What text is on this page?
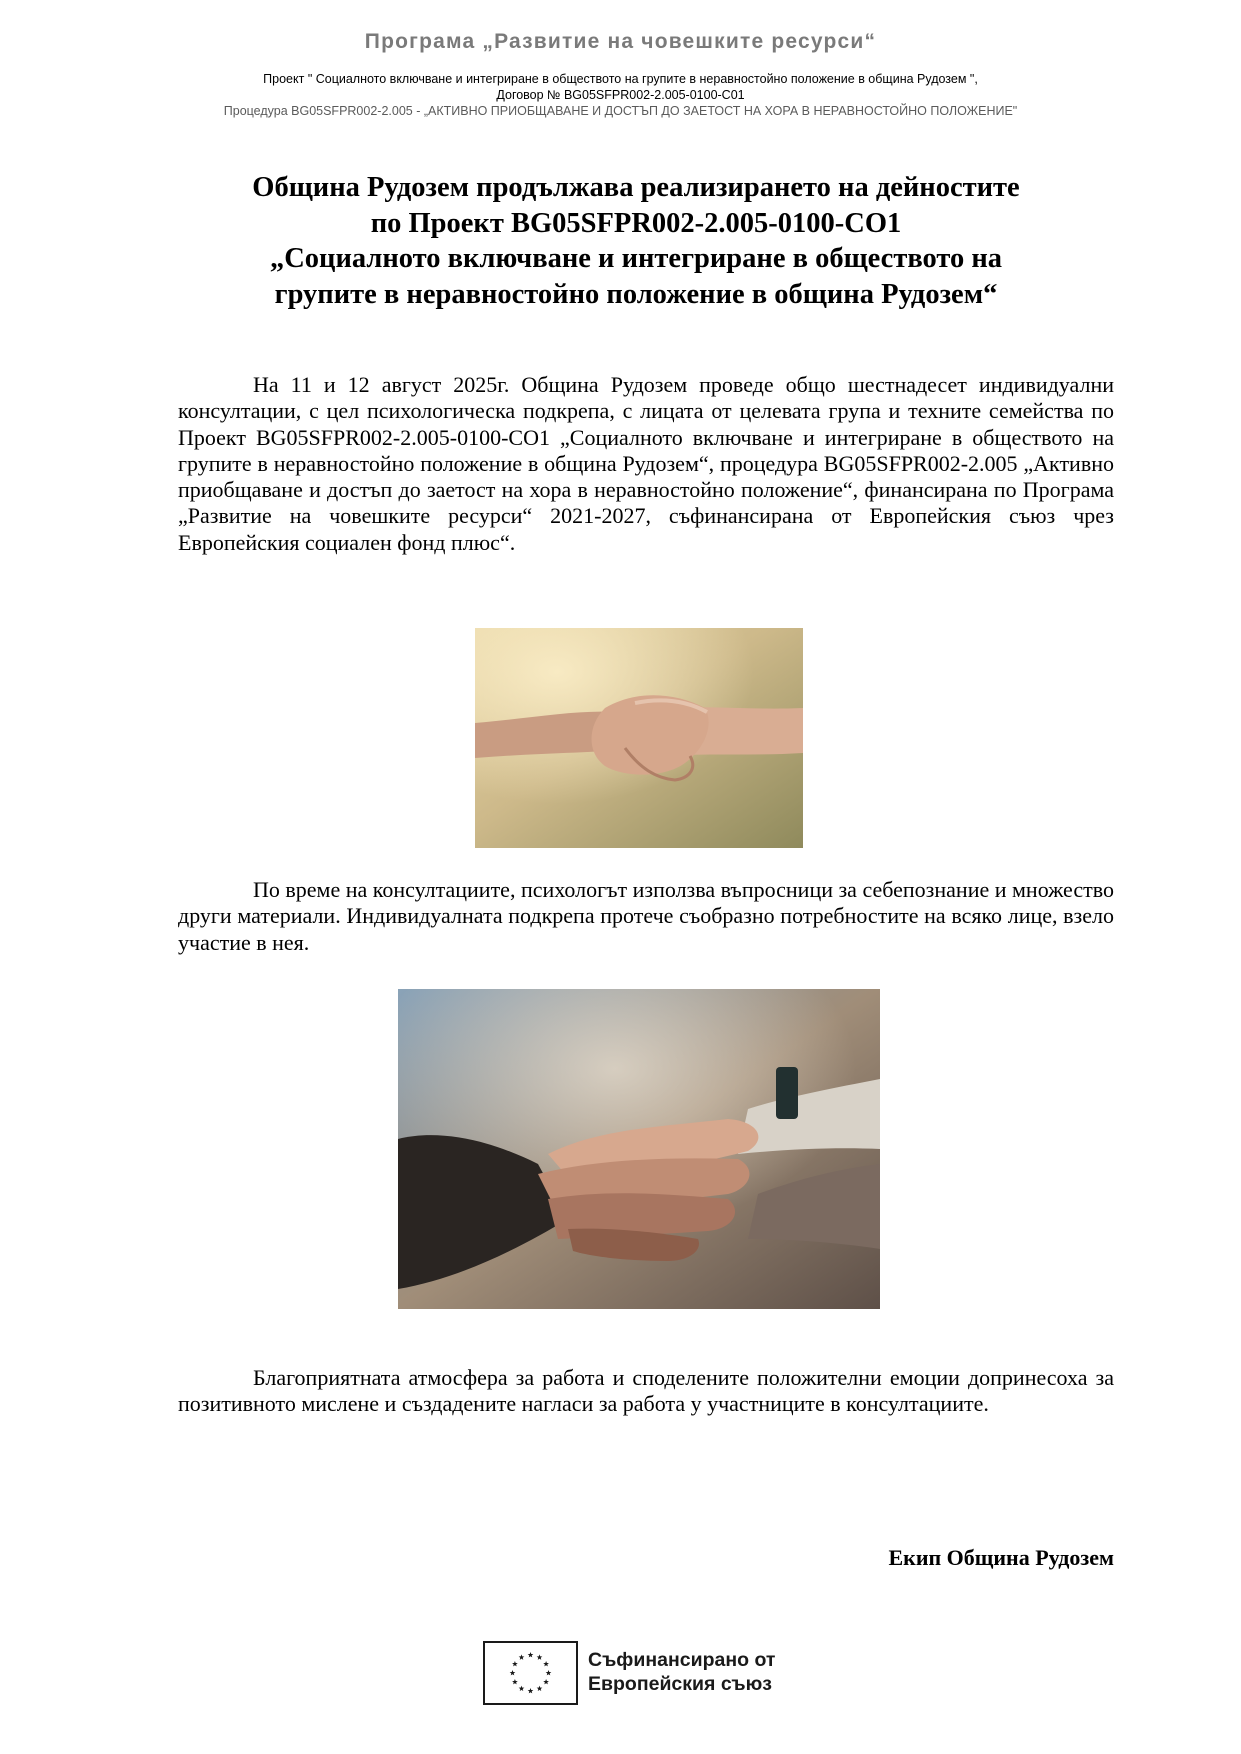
Програма „Развитие на човешките ресурси“
Проект " Социалното включване и интегриране в обществото на групите в неравностойно положение в община Рудозем ",
Договор № BG05SFPR002-2.005-0100-C01
Процедура BG05SFPR002-2.005 - „АКТИВНО ПРИОБЩАВАНЕ И ДОСТЪП ДО ЗАЕТОСТ НА ХОРА В НЕРАВНОСТОЙНО ПОЛОЖЕНИЕ"
Община Рудозем продължава реализирането на дейностите
по Проект BG05SFPR002-2.005-0100-CO1
„Социалното включване и интегриране в обществото на
групите в неравностойно положение в община Рудозем“

На 11 и 12 август 2025г. Община Рудозем проведе общо шестнадесет индивидуални консултации, с цел психологическа подкрепа, с лицата от целевата група и техните семейства по Проект BG05SFPR002-2.005-0100-CO1 „Социалното включване и интегриране в обществото на групите в неравностойно положение в община Рудозем“, процедура BG05SFPR002-2.005 „Активно приобщаване и достъп до заетост на хора в неравностойно положение“, финансирана по Програма „Развитие на човешките ресурси“ 2021-2027, съфинансирана от Европейския съюз чрез Европейския социален фонд плюс“.

По време на консултациите, психологът използва въпросници за себепознание и множество други материали. Индивидуалната подкрепа протече съобразно потребностите на всяко лице, взело участие в нея.

Благоприятната атмосфера за работа и споделените положителни емоции допринесоха за позитивното мислене и създадените нагласи за работа у участниците в консултациите.

Екип Община Рудозем
Съфинансирано от
Европейския съюз
